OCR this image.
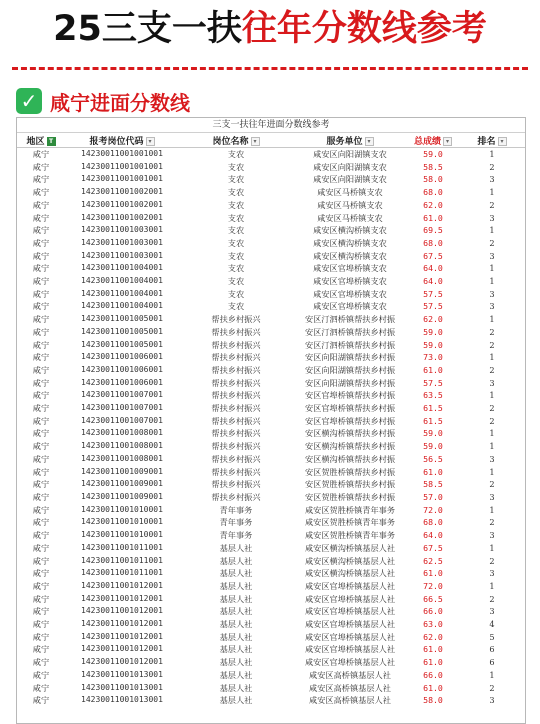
25三支一扶往年分数线参考
✓ 咸宁进面分数线
三支一扶往年进面分数线参考
地区 T	报考岗位代码 ▾	岗位名称 ▾	服务单位 ▾	总成绩 ▾	排名 ▾
咸宁	14230011001001001	支农	咸安区向阳湖镇支农	59.0	1
咸宁	14230011001001001	支农	咸安区向阳湖镇支农	58.5	2
咸宁	14230011001001001	支农	咸安区向阳湖镇支农	58.0	3
咸宁	14230011001002001	支农	咸安区马桥镇支农	68.0	1
咸宁	14230011001002001	支农	咸安区马桥镇支农	62.0	2
咸宁	14230011001002001	支农	咸安区马桥镇支农	61.0	3
咸宁	14230011001003001	支农	咸安区横沟桥镇支农	69.5	1
咸宁	14230011001003001	支农	咸安区横沟桥镇支农	68.0	2
咸宁	14230011001003001	支农	咸安区横沟桥镇支农	67.5	3
咸宁	14230011001004001	支农	咸安区官埠桥镇支农	64.0	1
咸宁	14230011001004001	支农	咸安区官埠桥镇支农	64.0	1
咸宁	14230011001004001	支农	咸安区官埠桥镇支农	57.5	3
咸宁	14230011001004001	支农	咸安区官埠桥镇支农	57.5	3
咸宁	14230011001005001	帮扶乡村振兴	安区汀泗桥镇帮扶乡村振	62.0	1
咸宁	14230011001005001	帮扶乡村振兴	安区汀泗桥镇帮扶乡村振	59.0	2
咸宁	14230011001005001	帮扶乡村振兴	安区汀泗桥镇帮扶乡村振	59.0	2
咸宁	14230011001006001	帮扶乡村振兴	安区向阳湖镇帮扶乡村振	73.0	1
咸宁	14230011001006001	帮扶乡村振兴	安区向阳湖镇帮扶乡村振	61.0	2
咸宁	14230011001006001	帮扶乡村振兴	安区向阳湖镇帮扶乡村振	57.5	3
咸宁	14230011001007001	帮扶乡村振兴	安区官埠桥镇帮扶乡村振	63.5	1
咸宁	14230011001007001	帮扶乡村振兴	安区官埠桥镇帮扶乡村振	61.5	2
咸宁	14230011001007001	帮扶乡村振兴	安区官埠桥镇帮扶乡村振	61.5	2
咸宁	14230011001008001	帮扶乡村振兴	安区横沟桥镇帮扶乡村振	59.0	1
咸宁	14230011001008001	帮扶乡村振兴	安区横沟桥镇帮扶乡村振	59.0	1
咸宁	14230011001008001	帮扶乡村振兴	安区横沟桥镇帮扶乡村振	56.5	3
咸宁	14230011001009001	帮扶乡村振兴	安区贺胜桥镇帮扶乡村振	61.0	1
咸宁	14230011001009001	帮扶乡村振兴	安区贺胜桥镇帮扶乡村振	58.5	2
咸宁	14230011001009001	帮扶乡村振兴	安区贺胜桥镇帮扶乡村振	57.0	3
咸宁	14230011001010001	青年事务	咸安区贺胜桥镇青年事务	72.0	1
咸宁	14230011001010001	青年事务	咸安区贺胜桥镇青年事务	68.0	2
咸宁	14230011001010001	青年事务	咸安区贺胜桥镇青年事务	64.0	3
咸宁	14230011001011001	基层人社	咸安区横沟桥镇基层人社	67.5	1
咸宁	14230011001011001	基层人社	咸安区横沟桥镇基层人社	62.5	2
咸宁	14230011001011001	基层人社	咸安区横沟桥镇基层人社	61.0	3
咸宁	14230011001012001	基层人社	咸安区官埠桥镇基层人社	72.0	1
咸宁	14230011001012001	基层人社	咸安区官埠桥镇基层人社	66.5	2
咸宁	14230011001012001	基层人社	咸安区官埠桥镇基层人社	66.0	3
咸宁	14230011001012001	基层人社	咸安区官埠桥镇基层人社	63.0	4
咸宁	14230011001012001	基层人社	咸安区官埠桥镇基层人社	62.0	5
咸宁	14230011001012001	基层人社	咸安区官埠桥镇基层人社	61.0	6
咸宁	14230011001012001	基层人社	咸安区官埠桥镇基层人社	61.0	6
咸宁	14230011001013001	基层人社	咸安区高桥镇基层人社	66.0	1
咸宁	14230011001013001	基层人社	咸安区高桥镇基层人社	61.0	2
咸宁	14230011001013001	基层人社	咸安区高桥镇基层人社	58.0	3
